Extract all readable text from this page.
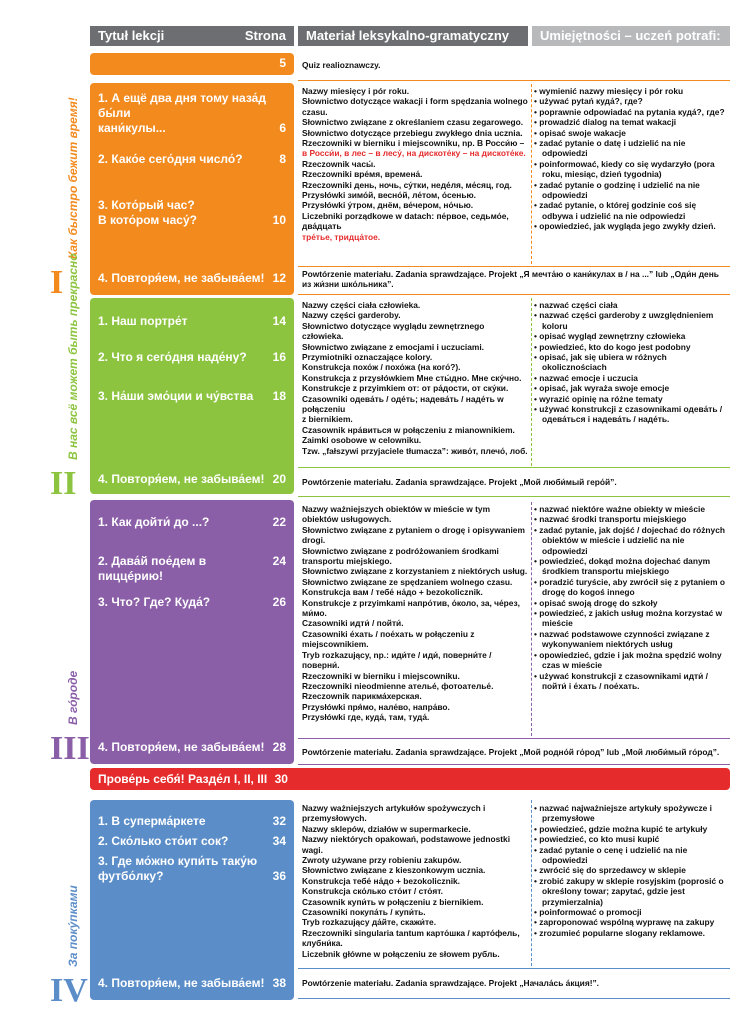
Tytuł lekcji	Strona Materiał leksykalno-gramatyczny Umiejętności – uczeń potrafi:
5 Quiz realioznawczy.
Как быстро бежит время!
I
1. А ещё два дня тому наза́д бы́ли
кани́кулы...	6
2. Како́е сего́дня число́?	8
3. Кото́рый час?
В кото́ром часу́?	10
4. Повторя́ем, не забыва́ем! 12
Nazwy miesięcy i pór roku.
Słownictwo dotyczące wakacji i form spędzania wolnego czasu.
Słownictwo związane z określaniem czasu zegarowego.
Słownictwo dotyczące przebiegu zwykłego dnia ucznia.
Rzeczowniki w bierniku i miejscowniku, np. В Росси́ю –
в Росси́и, в лес – в лесу́, на дискоте́ку – на дискоте́ке.
Rzeczownik часы́.
Rzeczowniki вре́мя, времена́.
Rzeczowniki день, ночь, су́тки, неде́ля, ме́сяц, год.
Przysłówki зимо́й, весно́й, ле́том, о́сенью.
Przysłówki у́тром, днём, ве́чером, но́чью.
Liczebniki porządkowe w datach: пе́рвое, седьмо́е, два́дцать
тре́тье, тридца́тое.
• wymienić nazwy miesięcy i pór roku
• używać pytań куда́?, где?
• poprawnie odpowiadać na pytania куда́?, где?
• prowadzić dialog na temat wakacji
• opisać swoje wakacje
• zadać pytanie o datę i udzielić na nie odpowiedzi
• poinformować, kiedy co się wydarzyło (pora roku, miesiąc, dzień tygodnia)
• zadać pytanie o godzinę i udzielić na nie odpowiedzi
• zadać pytanie, o której godzinie coś się odbywa i udzielić na nie odpowiedzi
• opowiedzieć, jak wygląda jego zwykły dzień.
Powtórzenie materiału. Zadania sprawdzające. Projekt „Я мечта́ю о кани́кулах в / на ...” lub „Оди́н день из жи́зни шко́льника”.
В нас всё может быть прекрасно
II
1. Наш портре́т	14
2. Что я сего́дня наде́ну? 16
3. На́ши эмо́ции и чу́вства 18
4. Повторя́ем, не забыва́ем! 20
Nazwy części ciała człowieka.
Nazwy części garderoby.
Słownictwo dotyczące wyglądu zewnętrznego człowieka.
Słownictwo związane z emocjami i uczuciami.
Przymiotniki oznaczające kolory.
Konstrukcja похо́ж / похо́жа (на кого́?).
Konstrukcja z przysłówkiem Мне сты́дно. Мне ску́чно.
Konstrukcje z przyimkiem от: от ра́дости, от ску́ки.
Czasowniki одева́ть / оде́ть; надева́ть / наде́ть w połączeniu
z biernikiem.
Czasownik нра́виться w połączeniu z mianownikiem.
Zaimki osobowe w celowniku.
Tzw. „fałszywi przyjaciele tłumacza”: живо́т, плечо́, лоб.
• nazwać części ciała
• nazwać części garderoby z uwzględnieniem koloru
• opisać wygląd zewnętrzny człowieka
• powiedzieć, kto do kogo jest podobny
• opisać, jak się ubiera w różnych okolicznościach
• nazwać emocje i uczucia
• opisać, jak wyraża swoje emocje
• wyrazić opinię na różne tematy
• używać konstrukcji z czasownikami одева́ть / одева́ться i надева́ть / наде́ть.
Powtórzenie materiału. Zadania sprawdzające. Projekt „Мой люби́мый геро́й”.
В го́роде
III
1. Как дойти́ до ...?	22
2. Дава́й пое́дем в пиццéрию!
24
3. Что? Где? Куда́?	26
4. Повторя́ем, не забыва́ем! 28
Nazwy ważniejszych obiektów w mieście w tym obiektów usługowych.
Słownictwo związane z pytaniem o drogę i opisywaniem drogi.
Słownictwo związane z podróżowaniem środkami transportu miejskiego.
Słownictwo związane z korzystaniem z niektórych usług.
Słownictwo związane ze spędzaniem wolnego czasu.
Konstrukcja вам / тебе́ на́до + bezokolicznik.
Konstrukcje z przyimkami напро́тив, о́коло, за, че́рез, ми́мо.
Czasowniki идти́ / пойти́.
Czasowniki е́хать / пое́хать w połączeniu z miejscownikiem.
Tryb rozkazujący, np.: иди́те / иди́, поверни́те / поверни́.
Rzeczowniki w bierniku i miejscowniku.
Rzeczowniki nieodmienne ателье́, фотоателье́.
Rzeczownik парикма́херская.
Przysłówki пря́мо, нале́во, напра́во.
Przysłówki где, куда́, там, туда́.
• nazwać niektóre ważne obiekty w mieście
• nazwać środki transportu miejskiego
• zadać pytanie, jak dojść / dojechać do różnych obiektów w mieście i udzielić na nie odpowiedzi
• powiedzieć, dokąd można dojechać danym środkiem transportu miejskiego
• poradzić turyście, aby zwrócił się z pytaniem o drogę do kogoś innego
• opisać swoją drogę do szkoły
• powiedzieć, z jakich usług można korzystać w mieście
• nazwać podstawowe czynności związane z wykonywaniem niektórych usług
• opowiedzieć, gdzie i jak można spędzić wolny czas w mieście
• używać konstrukcji z czasownikami идти́ / пойти́ i е́хать / пое́хать.
Powtórzenie materiału. Zadania sprawdzające. Projekt „Мой родно́й го́род” lub „Мой люби́мый го́род”.
Прове́рь себя́! Разде́л I, II, III 30
За поку́пками
IV
1. В суперма́ркете	32
2. Ско́лько сто́ит сок?	34
3. Где мо́жно купи́ть таку́ю
футбо́лку?	36
4. Повторя́ем, не забыва́ем! 38
Nazwy ważniejszych artykułów spożywczych i przemysłowych.
Nazwy sklepów, działów w supermarkecie.
Nazwy niektórych opakowań, podstawowe jednostki wagi.
Zwroty używane przy robieniu zakupów.
Słownictwo związane z kieszonkowym ucznia.
Konstrukcja тебе́ на́до + bezokolicznik.
Konstrukcja ско́лько сто́ит / сто́ят.
Czasownik купи́ть w połączeniu z biernikiem.
Czasowniki покупа́ть / купи́ть.
Tryb rozkazujący да́йте, скажи́те.
Rzeczowniki singularia tantum карто́шка / карто́фель, клубни́ка.
Liczebnik główne w połączeniu ze słowem рубль.
• nazwać najważniejsze artykuły spożywcze i przemysłowe
• powiedzieć, gdzie można kupić te artykuły
• powiedzieć, co kto musi kupić
• zadać pytanie o cenę i udzielić na nie odpowiedzi
• zwrócić się do sprzedawcy w sklepie
• zrobić zakupy w sklepie rosyjskim (poprosić o określony towar; zapytać, gdzie jest przymierzalnia)
• poinformować o promocji
• zaproponować wspólną wyprawę na zakupy
• zrozumieć popularne slogany reklamowe.
Powtórzenie materiału. Zadania sprawdzające. Projekt „Начала́сь а́кция!”.
